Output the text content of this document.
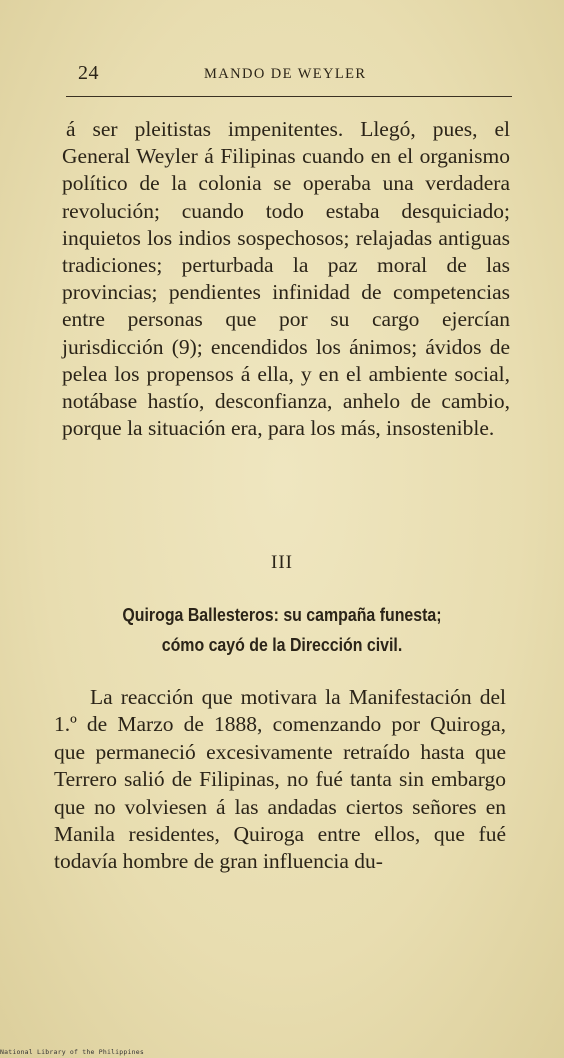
24	MANDO DE WEYLER

á ser pleitistas impenitentes. Llegó, pues, el General Weyler á Filipinas cuando en el organismo político de la colonia se operaba una verdadera revolución; cuando todo estaba desquiciado; inquietos los indios sospechosos; relajadas antiguas tradiciones; perturbada la paz moral de las provincias; pendientes infinidad de competencias entre personas que por su cargo ejercían jurisdicción (9); encendidos los ánimos; ávidos de pelea los propensos á ella, y en el ambiente social, notábase hastío, desconfianza, anhelo de cambio, porque la situación era, para los más, insostenible.

III
Quiroga Ballesteros: su campaña funesta;
cómo cayó de la Dirección civil.

La reacción que motivara la Manifestación del 1.º de Marzo de 1888, comenzando por Quiroga, que permaneció excesivamente retraído hasta que Terrero salió de Filipinas, no fué tanta sin embargo que no volviesen á las andadas ciertos señores en Manila residentes, Quiroga entre ellos, que fué todavía hombre de gran influencia du-

National Library of the Philippines
